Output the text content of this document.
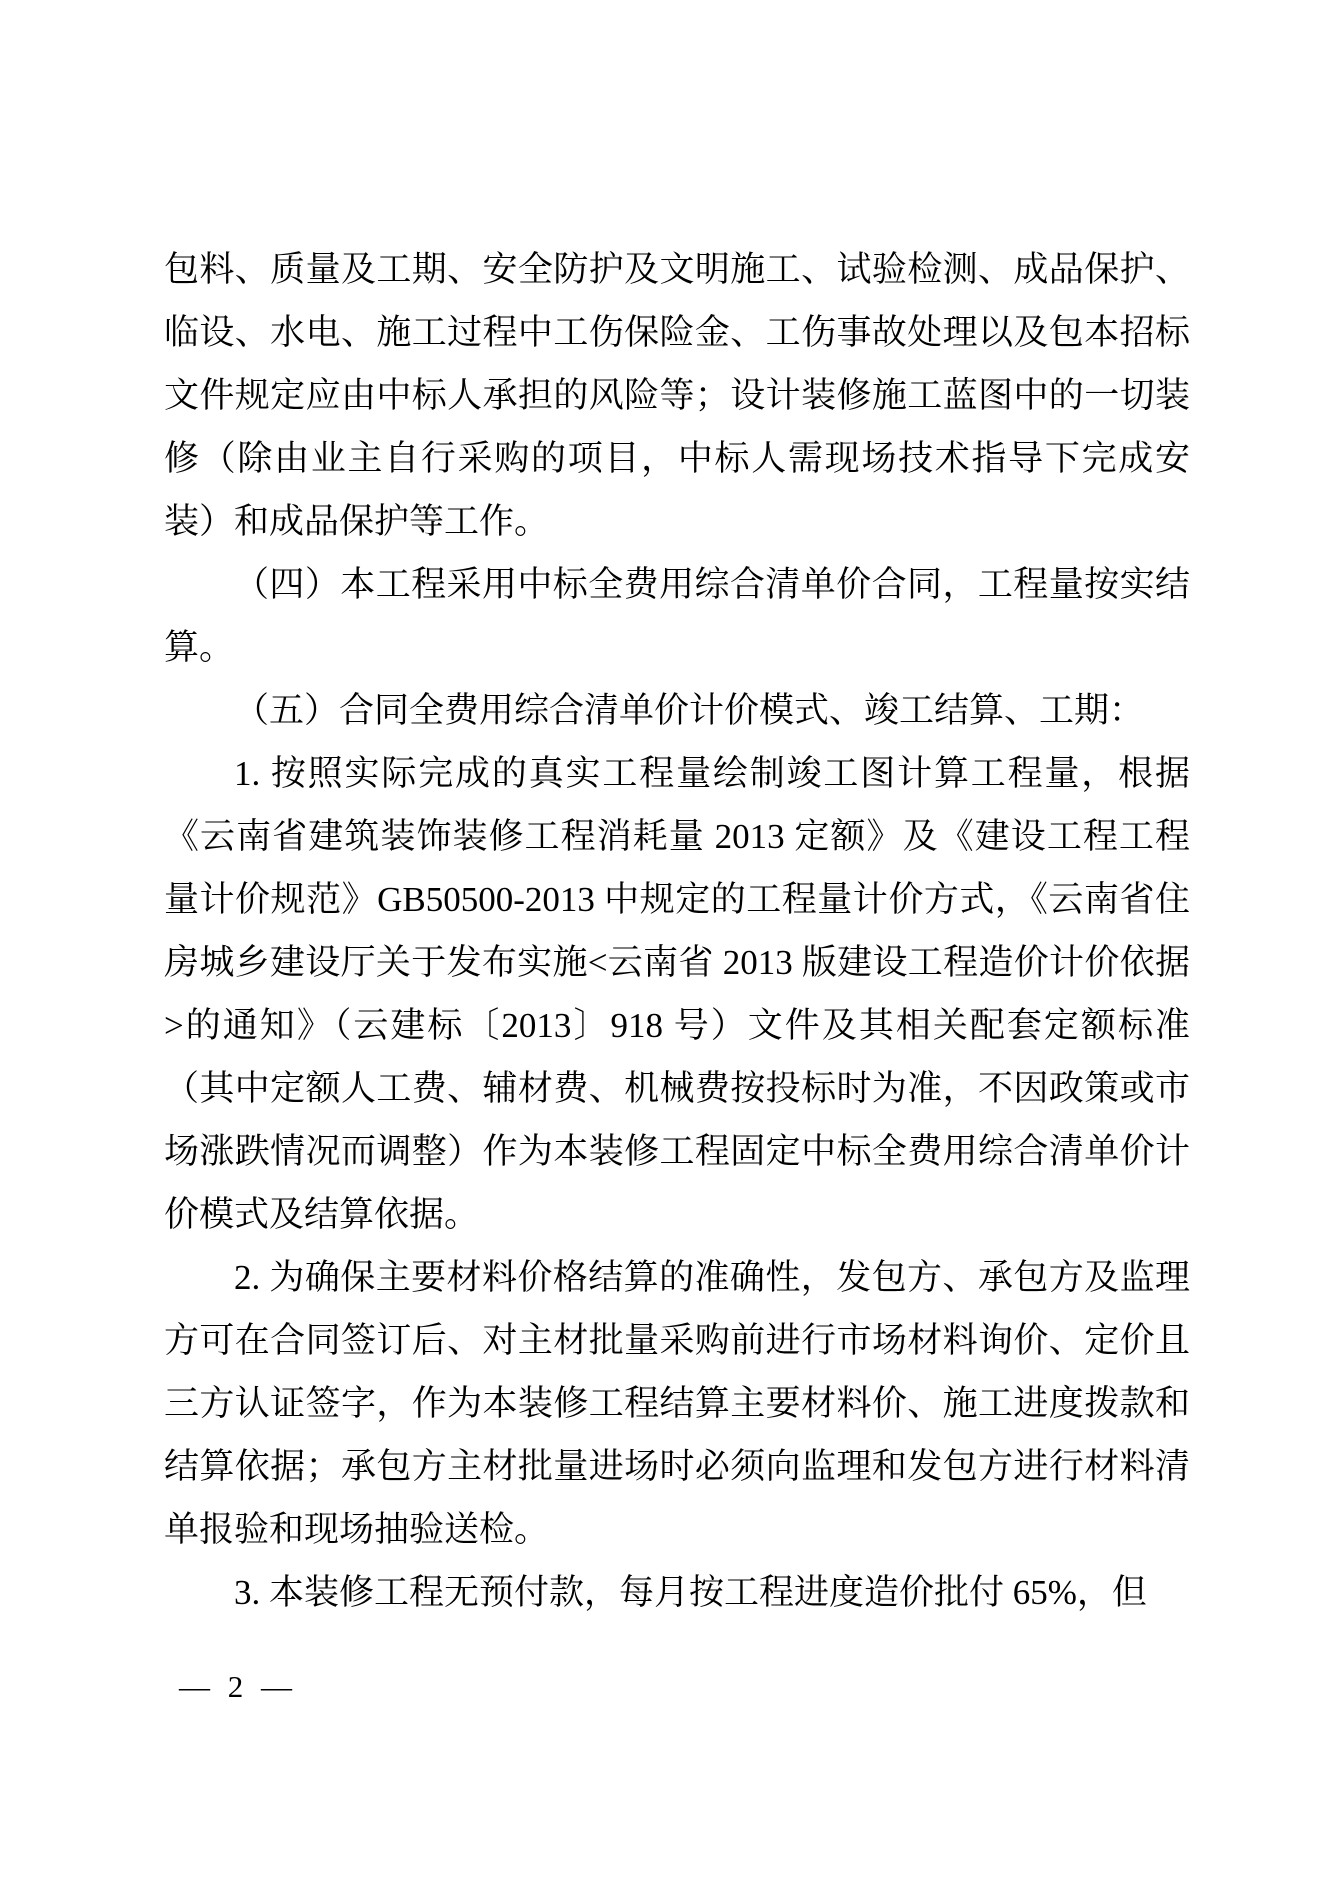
包料、质量及工期、安全防护及文明施工、试验检测、成品保护、临设、水电、施工过程中工伤保险金、工伤事故处理以及包本招标文件规定应由中标人承担的风险等；设计装修施工蓝图中的一切装修（除由业主自行采购的项目，中标人需现场技术指导下完成安装）和成品保护等工作。

（四）本工程采用中标全费用综合清单价合同，工程量按实结算。

（五）合同全费用综合清单价计价模式、竣工结算、工期：

1. 按照实际完成的真实工程量绘制竣工图计算工程量，根据《云南省建筑装饰装修工程消耗量 2013 定额》及《建设工程工程量计价规范》GB50500-2013 中规定的工程量计价方式，《云南省住房城乡建设厅关于发布实施<云南省 2013 版建设工程造价计价依据>的通知》（云建标〔2013〕918 号）文件及其相关配套定额标准（其中定额人工费、辅材费、机械费按投标时为准，不因政策或市场涨跌情况而调整）作为本装修工程固定中标全费用综合清单价计价模式及结算依据。

2. 为确保主要材料价格结算的准确性，发包方、承包方及监理方可在合同签订后、对主材批量采购前进行市场材料询价、定价且三方认证签字，作为本装修工程结算主要材料价、施工进度拨款和结算依据；承包方主材批量进场时必须向监理和发包方进行材料清单报验和现场抽验送检。

3. 本装修工程无预付款，每月按工程进度造价批付 65%，但

— 2 —
